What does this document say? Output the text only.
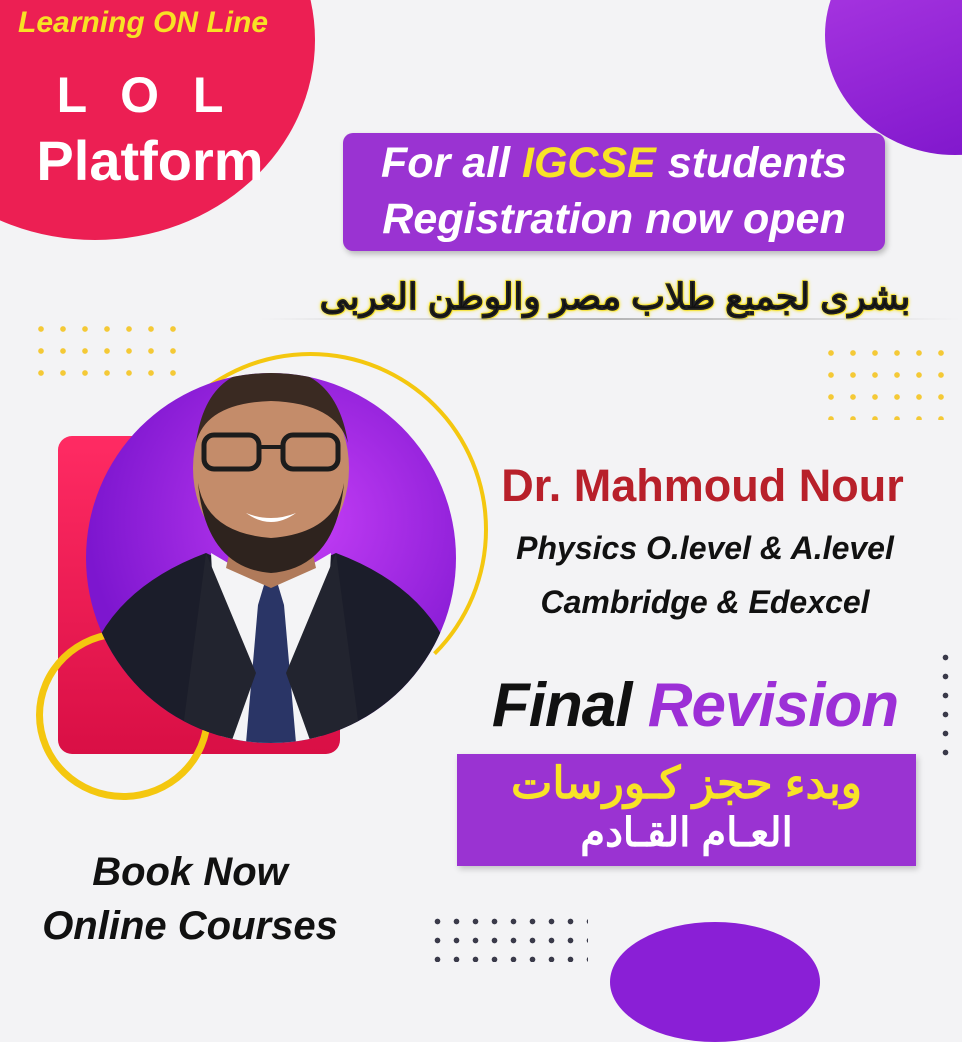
Learning ON Line
L O L
Platform	For all IGCSE students
Registration now open
بشرى لجميع طلاب مصر والوطن العربى
Dr. Mahmoud Nour
Physics O.level & A.level
Cambridge & Edexcel
Final Revision
وبدء حجز كـورسات
العـام القـادم
Book Now
Online Courses
